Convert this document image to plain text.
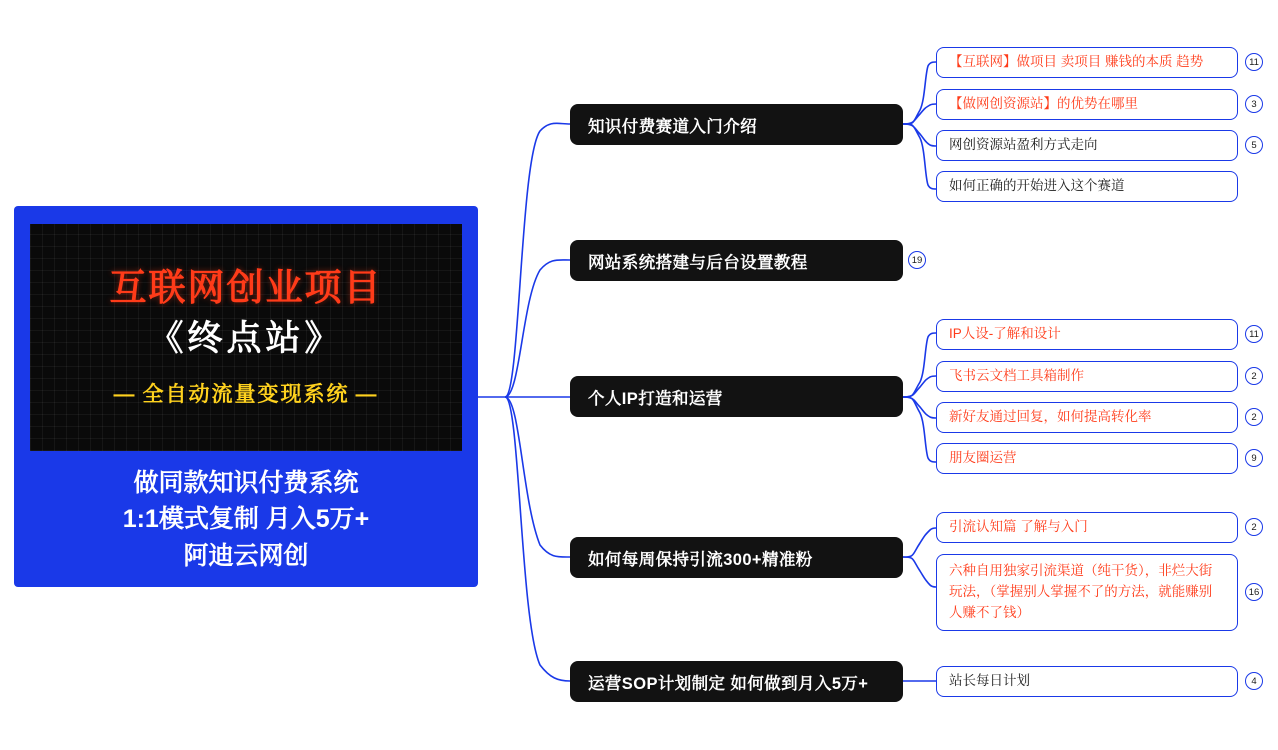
互联网创业项目
《终点站》
— 全自动流量变现系统 —
做同款知识付费系统
1:1模式复制 月入5万+
阿迪云网创
知识付费赛道入门介绍
网站系统搭建与后台设置教程	19
个人IP打造和运营
如何每周保持引流300+精准粉
运营SOP计划制定 如何做到月入5万+
【互联网】做项目 卖项目 赚钱的本质 趋势	11
【做网创资源站】的优势在哪里	3
网创资源站盈利方式走向	5
如何正确的开始进入这个赛道
IP人设-了解和设计	11
飞书云文档工具箱制作	2
新好友通过回复，如何提高转化率	2
朋友圈运营	9
引流认知篇 了解与入门	2
六种自用独家引流渠道（纯干货），非烂大街玩法，（掌握别人掌握不了的方法，就能赚别人赚不了钱）
16
站长每日计划	4
